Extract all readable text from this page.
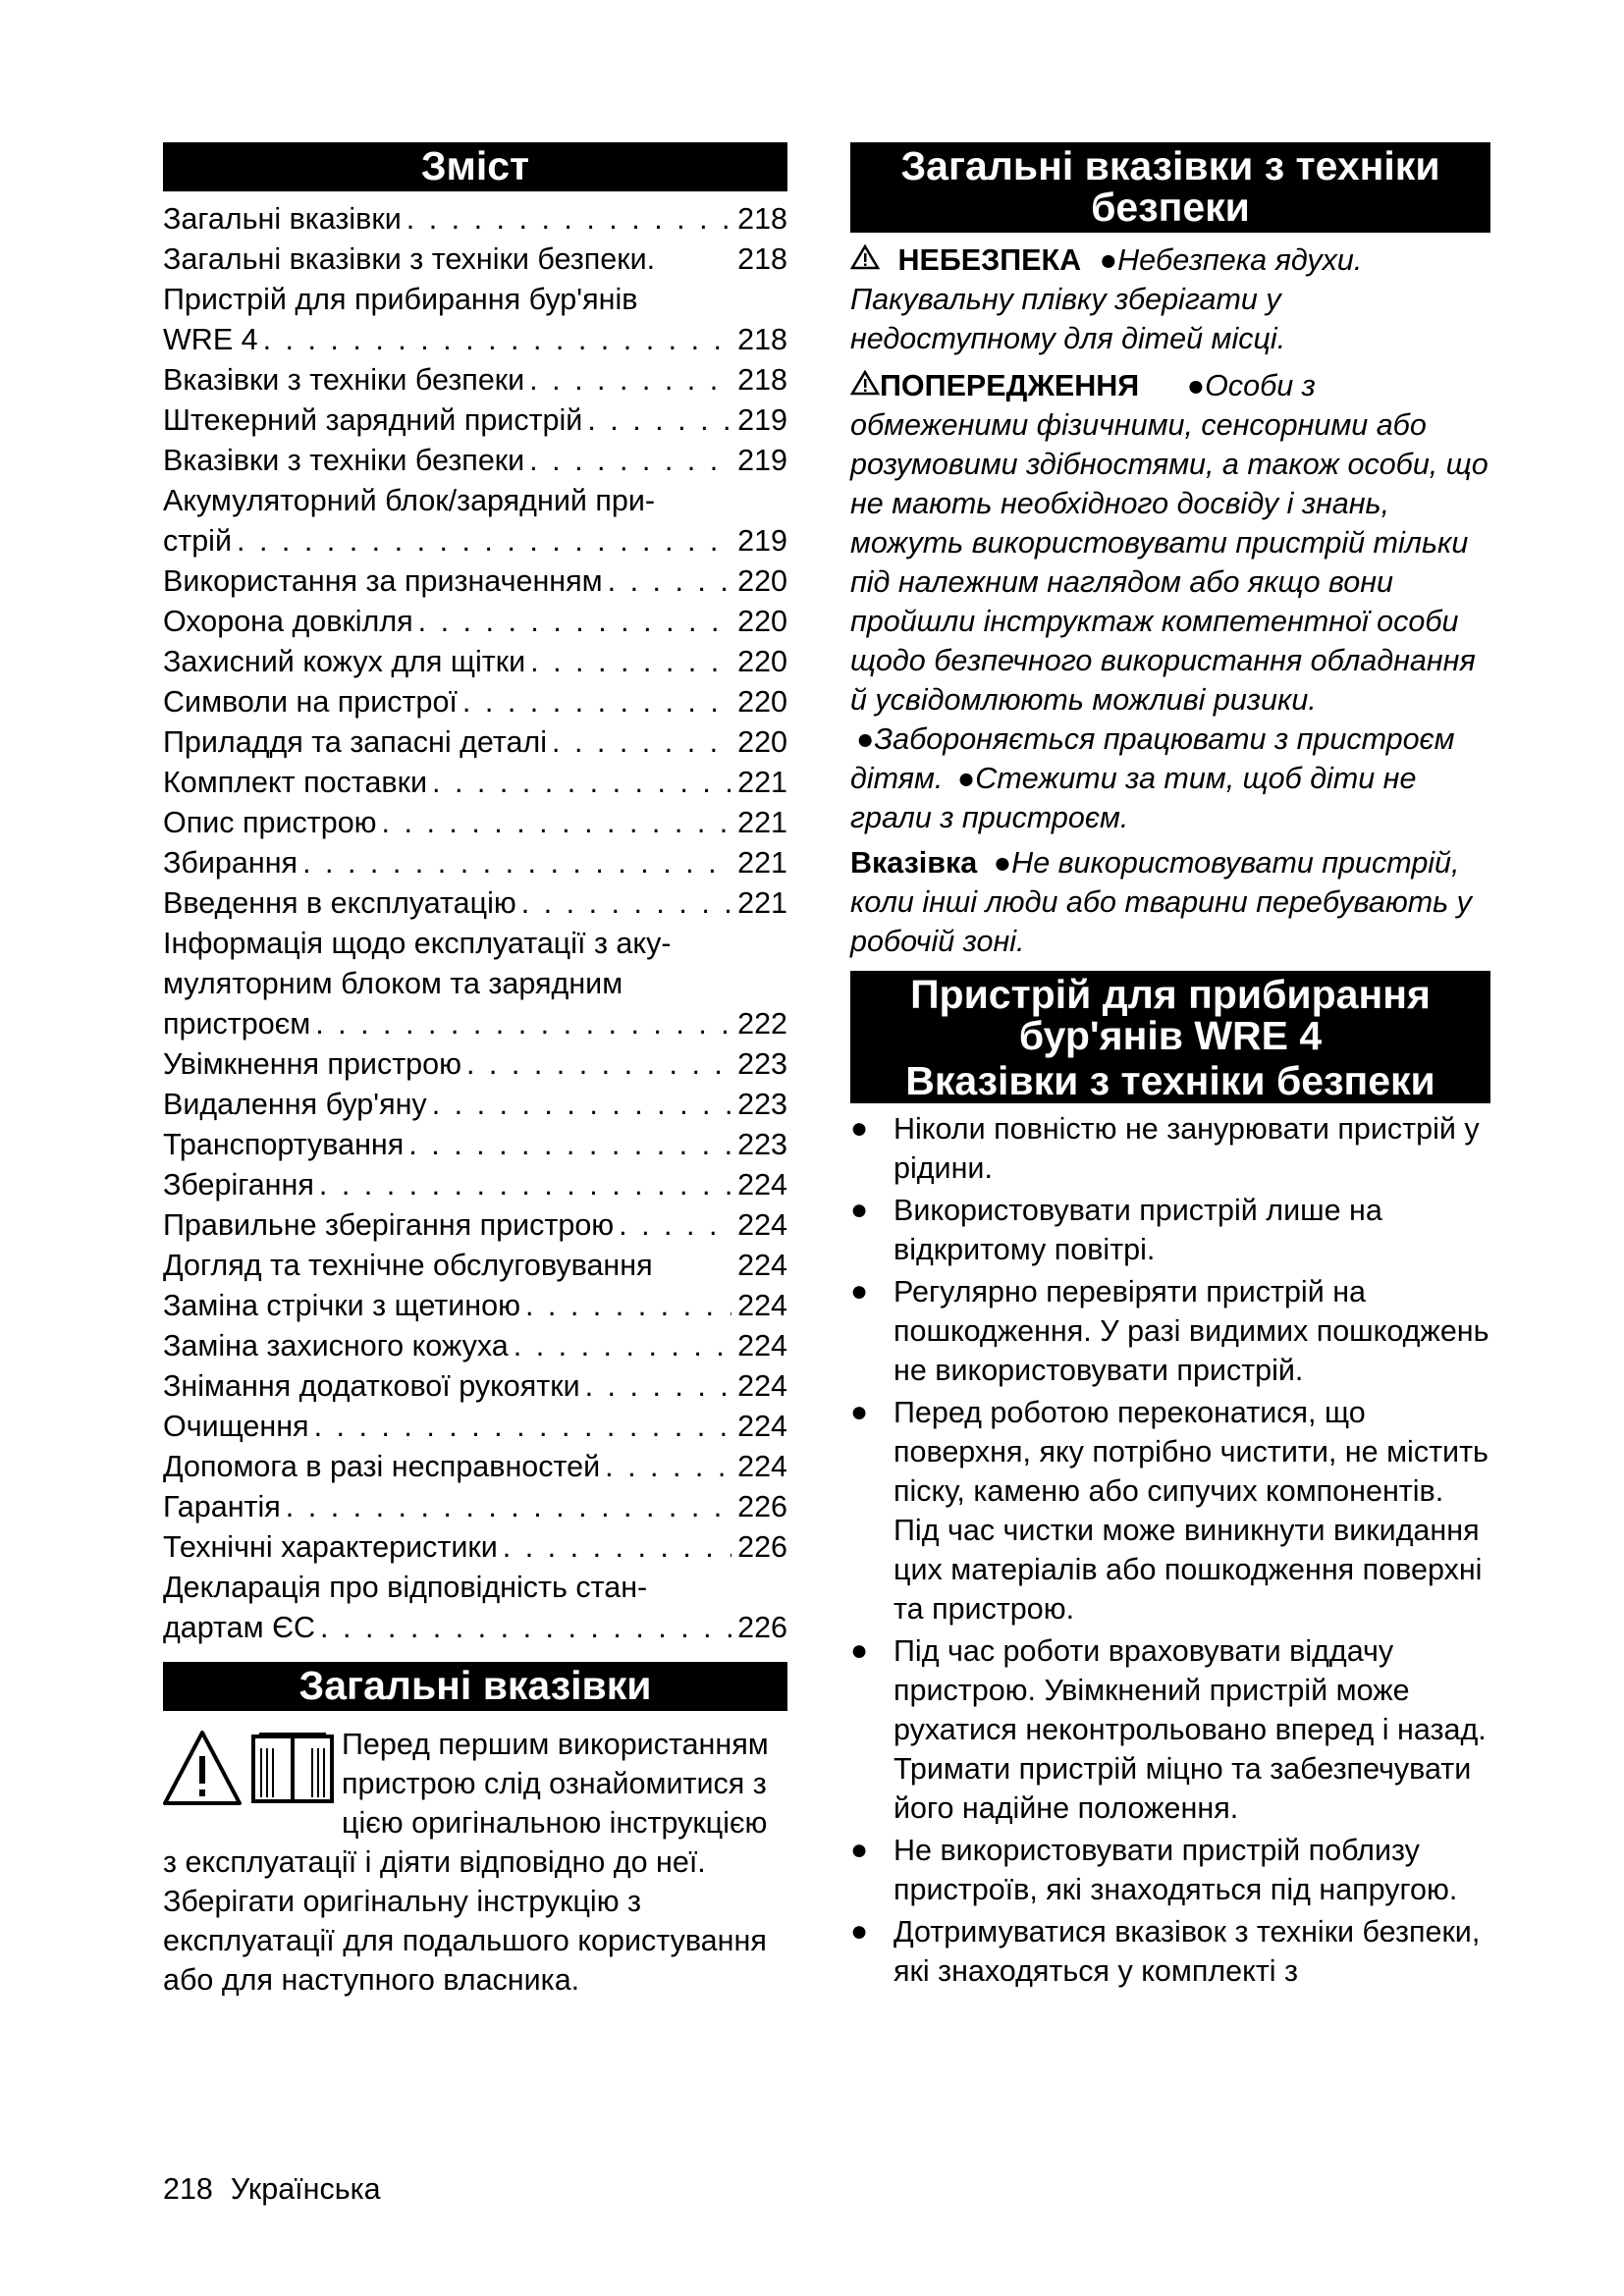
Зміст
Загальні вказівки . . .	218
Загальні вказівки з техніки безпеки.	218
Пристрій для прибирання бур'янів
WRE 4 . . .	218
Вказівки з техніки безпеки . . .	218
Штекерний зарядний пристрій . . .	219
Вказівки з техніки безпеки . . .	219
Акумуляторний блок/зарядний при-
стрій . . .	219
Використання за призначенням . . .	220
Охорона довкілля . . .	220
Захисний кожух для щітки . . .	220
Символи на пристрої . . .	220
Приладдя та запасні деталі . . .	220
Комплект поставки . . .	221
Опис пристрою . . .	221
Збирання . . .	221
Введення в експлуатацію . . .	221
Інформація щодо експлуатації з аку-
муляторним блоком та зарядним
пристроєм . . .	222
Увімкнення пристрою . . .	223
Видалення бур'яну . . .	223
Транспортування . . .	223
Зберігання . . .	224
Правильне зберігання пристрою . . .	224
Догляд та технічне обслуговування	224
Заміна стрічки з щетиною . . .	224
Заміна захисного кожуха . . .	224
Знімання додаткової рукоятки . . .	224
Очищення . . .	224
Допомога в разі несправностей . . .	224
Гарантія . . .	226
Технічні характеристики . . .	226
Декларація про відповідність стан-
дартам ЄС . . .	226
Загальні вказівки
Перед першим використанням пристрою слід ознайомитися з цією оригінальною інструкцією з експлуатації і діяти відповідно до неї. Зберігати оригінальну інструкцію з експлуатації для подальшого користування або для наступного власника.
Загальні вказівки з техніки безпеки
НЕБЕЗПЕКА ●Небезпека ядухи. Пакувальну плівку зберігати у недоступному для дітей місці.
ПОПЕРЕДЖЕННЯ ●Особи з обмеженими фізичними, сенсорними або розумовими здібностями, а також особи, що не мають необхідного досвіду і знань, можуть використовувати пристрій тільки під належним наглядом або якщо вони пройшли інструктаж компетентної особи щодо безпечного використання обладнання й усвідомлюють можливі ризики. ●Забороняється працювати з пристроєм дітям. ●Стежити за тим, щоб діти не грали з пристроєм.
Вказівка ●Не використовувати пристрій, коли інші люди або тварини перебувають у робочій зоні.
Пристрій для прибирання бур'янів WRE 4
Вказівки з техніки безпеки
● Ніколи повністю не занурювати пристрій у рідини.
● Використовувати пристрій лише на відкритому повітрі.
● Регулярно перевіряти пристрій на пошкодження. У разі видимих пошкоджень не використовувати пристрій.
● Перед роботою переконатися, що поверхня, яку потрібно чистити, не містить піску, каменю або сипучих компонентів. Під час чистки може виникнути викидання цих матеріалів або пошкодження поверхні та пристрою.
● Під час роботи враховувати віддачу пристрою. Увімкнений пристрій може рухатися неконтрольовано вперед і назад. Тримати пристрій міцно та забезпечувати його надійне положення.
● Не використовувати пристрій поблизу пристроїв, які знаходяться під напругою.
● Дотримуватися вказівок з техніки безпеки, які знаходяться у комплекті з
218 Українська
